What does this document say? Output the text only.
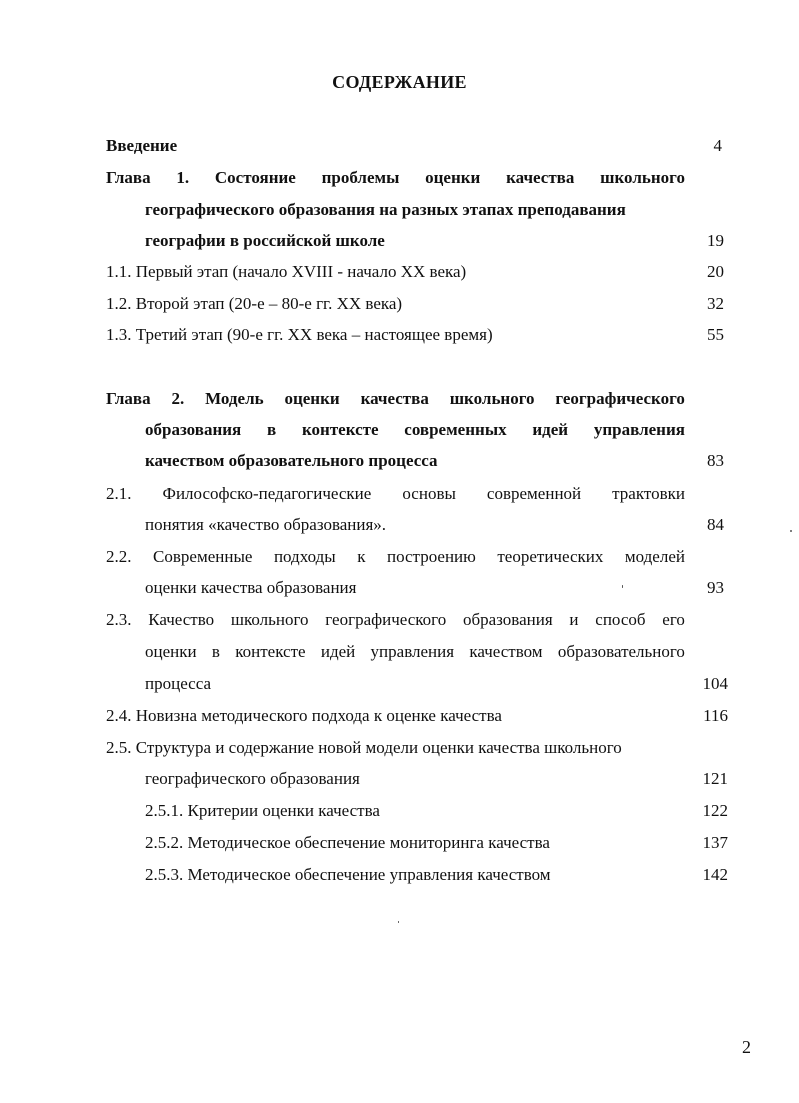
СОДЕРЖАНИЕ
Введение	4
Глава 1. Состояние проблемы оценки качества школьного
географического образования на разных этапах преподавания
географии в российской школе	19
1.1. Первый этап (начало XVIII - начало XX века)	20
1.2. Второй этап (20-е – 80-е гг. XX века)	32
1.3. Третий этап (90-е гг. XX века – настоящее время)	55
Глава 2. Модель оценки качества школьного географического
образования в контексте современных идей управления
качеством образовательного процесса	83
2.1. Философско-педагогические основы современной трактовки
понятия «качество образования».	84
2.2. Современные подходы к построению теоретических моделей
оценки качества образования	93
2.3. Качество школьного географического образования и способ его
оценки в контексте идей управления качеством образовательного
процесса	104
2.4. Новизна методического подхода к оценке качества	116
2.5. Структура и содержание новой модели оценки качества школьного
географического образования	121
2.5.1. Критерии оценки качества	122
2.5.2. Методическое обеспечение мониторинга качества	137
2.5.3. Методическое обеспечение управления качеством	142
2
